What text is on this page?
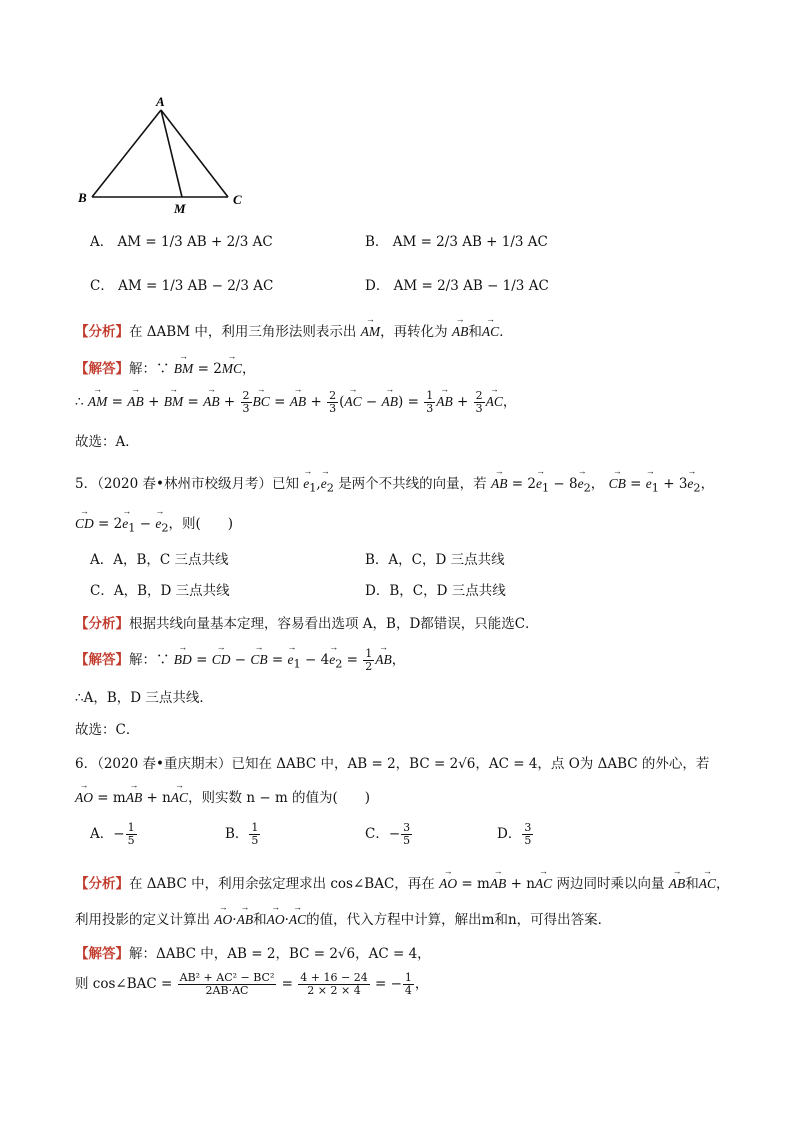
A
B	C
M
A． AM = 1/3 AB + 2/3 AC	B． AM = 2/3 AB + 1/3 AC
C． AM = 1/3 AB − 2/3 AC	D． AM = 2/3 AB − 1/3 AC
【分析】在 ΔABM 中，利用三角形法则表示出 → AM，再转化为 → AB和→ AC．
【解答】解：∵ → BM = 2→ MC，
∴ → AM = → AB + → BM = → AB + $\frac{2}{3}$ → BC = → AB + $\frac{2}{3}$ (→ AC − → $AB) = \frac{1}{3}$ → AB + $\frac{2}{3}$ → AC，
故选：A．
5．（2020 春•林州市校级月考）已知 → $e_1,\to e_2$ 是两个不共线的向量，若 → AB = $2\to e_1 - 8\to e_2$， → CB = → $e_1 + 3\to e_2$，
→ CD = $2\to e_1$ − → $e_2$，则(　　)
A．A，B，C 三点共线	B．A，C，D 三点共线
C．A，B，D 三点共线	D．B，C，D 三点共线
【分析】根据共线向量基本定理，容易看出选项 A，B，D都错误，只能选C．
【解答】解：∵ → BD = → CD − → CB = → $e_1 - 4\to e_2 = \frac{1}{2}$ → AB，
∴A，B，D 三点共线．
故选：C．
6．（2020 春•重庆期末）已知在 ΔABC 中，AB = 2，BC = 2√6，AC = 4，点 O为 ΔABC 的外心，若
→ AO = m→ AB + n→ AC，则实数 n − m 的值为(　　)
A．− $\frac{1}{5}$	B． $\frac{1}{5}$	C．− $\frac{3}{5}$	D． $\frac{3}{5}$
【分析】在 ΔABC 中，利用余弦定理求出 cos∠BAC，再在 → AO = m→ AB + n→ AC 两边同时乘以向量 → AB和→ AC，
利用投影的定义计算出 → AO·→ AB和→ AO·→ AC的值，代入方程中计算，解出m和n，可得出答案．
【解答】解：ΔABC 中，AB = 2，BC = 2√6，AC = 4，
则 cos∠BAC = $\frac{\text{AB² + AC² − BC²}}{2AB\cdot AC} = \frac{4 + 16 - 24}{2 \times 2 \times 4}$ = − $\frac{1}{4}$ ，
